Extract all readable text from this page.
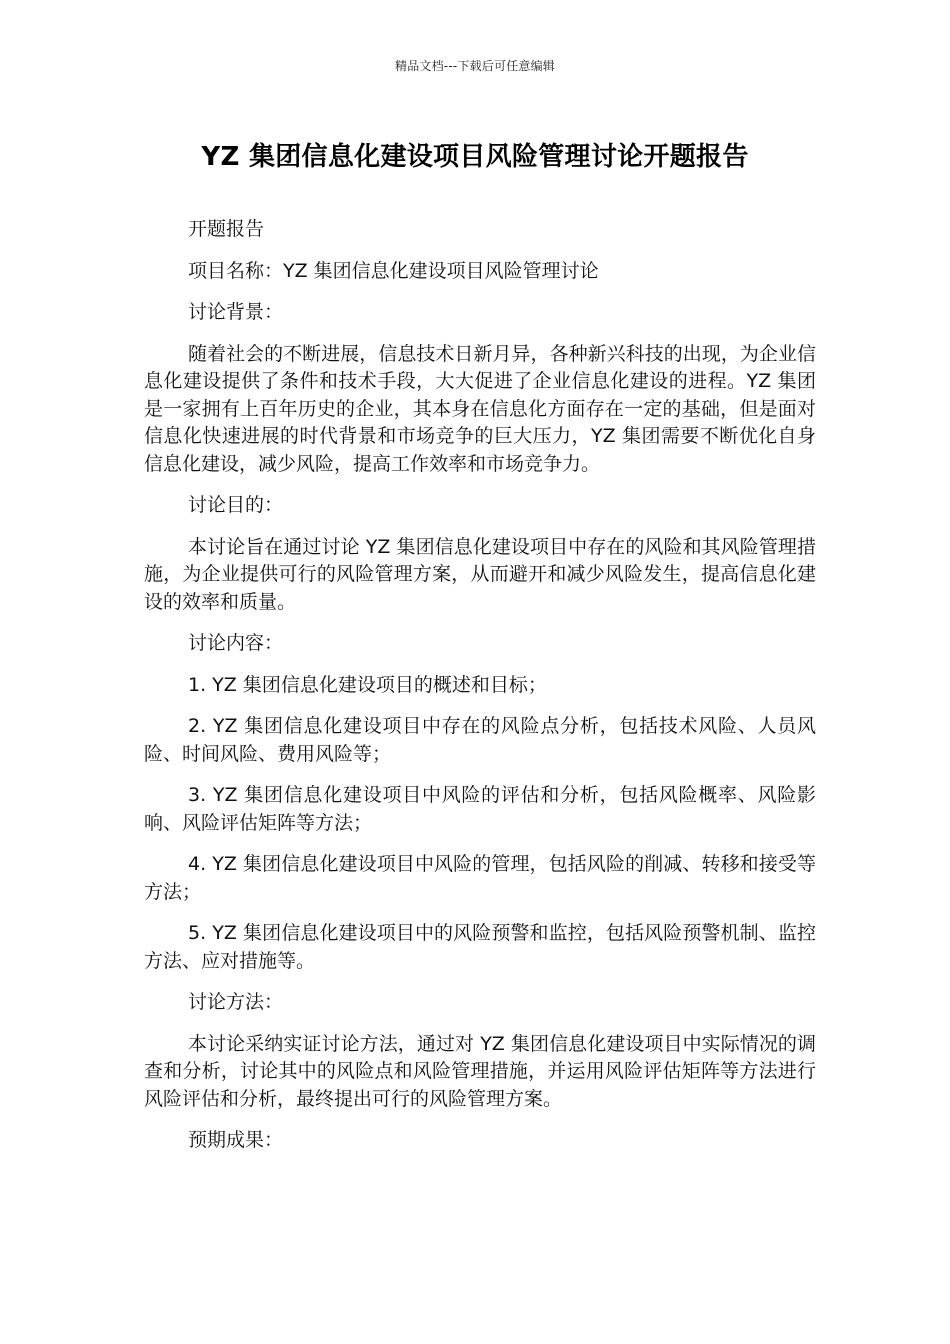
精品文档---下载后可任意编辑
YZ 集团信息化建设项目风险管理讨论开题报告

开题报告

项目名称：YZ 集团信息化建设项目风险管理讨论

讨论背景：

随着社会的不断进展，信息技术日新月异，各种新兴科技的出现，为企业信息化建设提供了条件和技术手段，大大促进了企业信息化建设的进程。YZ 集团是一家拥有上百年历史的企业，其本身在信息化方面存在一定的基础，但是面对信息化快速进展的时代背景和市场竞争的巨大压力，YZ 集团需要不断优化自身信息化建设，减少风险，提高工作效率和市场竞争力。

讨论目的：

本讨论旨在通过讨论 YZ 集团信息化建设项目中存在的风险和其风险管理措施，为企业提供可行的风险管理方案，从而避开和减少风险发生，提高信息化建设的效率和质量。

讨论内容：

1. YZ 集团信息化建设项目的概述和目标；

2. YZ 集团信息化建设项目中存在的风险点分析，包括技术风险、人员风险、时间风险、费用风险等；

3. YZ 集团信息化建设项目中风险的评估和分析，包括风险概率、风险影响、风险评估矩阵等方法；

4. YZ 集团信息化建设项目中风险的管理，包括风险的削减、转移和接受等方法；

5. YZ 集团信息化建设项目中的风险预警和监控，包括风险预警机制、监控方法、应对措施等。

讨论方法：

本讨论采纳实证讨论方法，通过对 YZ 集团信息化建设项目中实际情况的调查和分析，讨论其中的风险点和风险管理措施，并运用风险评估矩阵等方法进行风险评估和分析，最终提出可行的风险管理方案。

预期成果：
